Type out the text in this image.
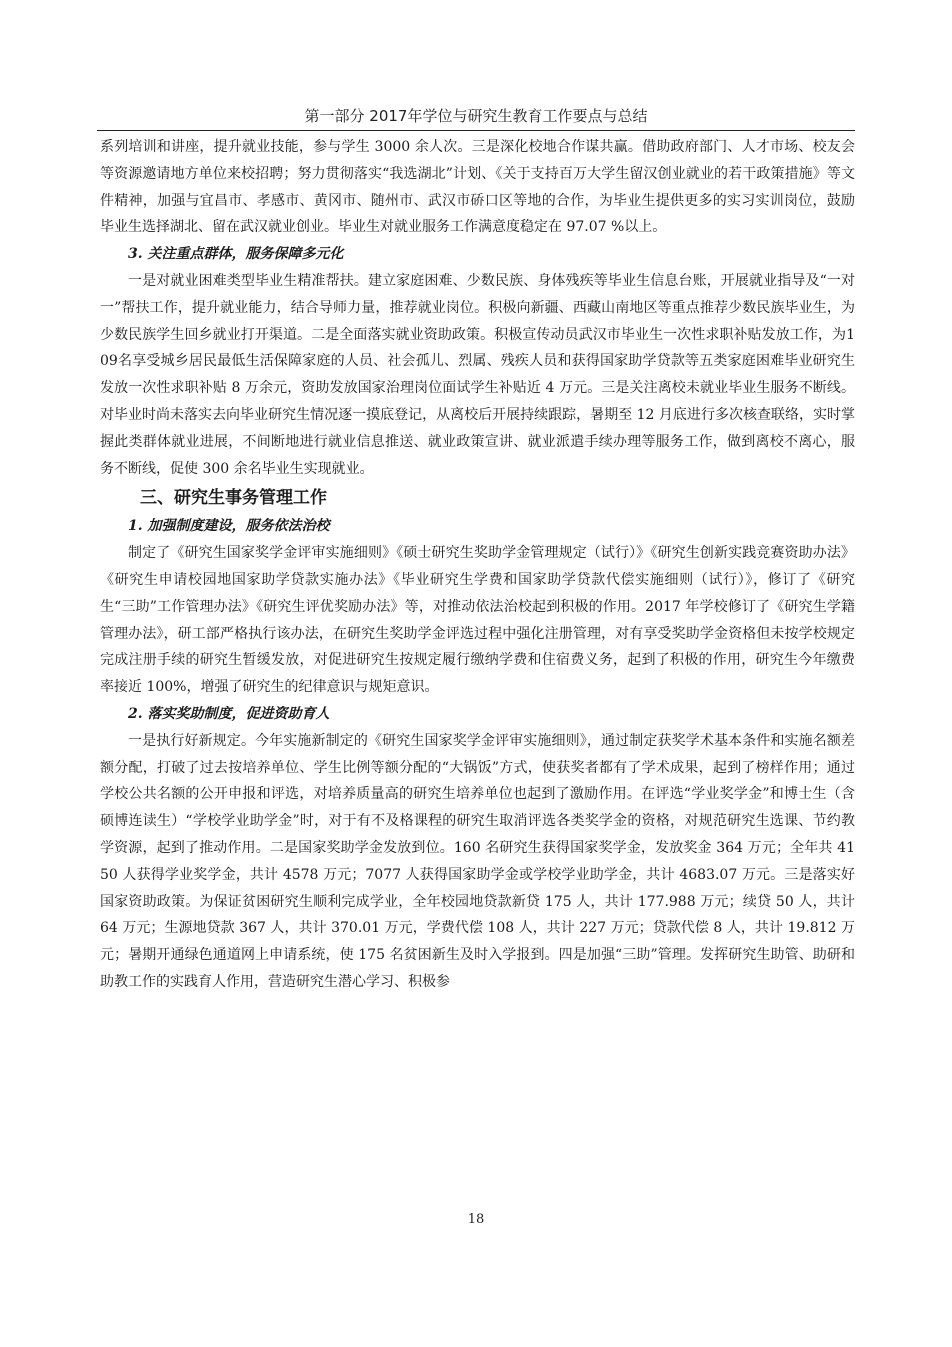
第一部分 2017年学位与研究生教育工作要点与总结

系列培训和讲座，提升就业技能，参与学生 3000 余人次。三是深化校地合作谋共赢。借助政府部门、人才市场、校友会等资源邀请地方单位来校招聘；努力贯彻落实“我选湖北”计划、《关于支持百万大学生留汉创业就业的若干政策措施》等文件精神，加强与宜昌市、孝感市、黄冈市、随州市、武汉市硚口区等地的合作，为毕业生提供更多的实习实训岗位，鼓励毕业生选择湖北、留在武汉就业创业。毕业生对就业服务工作满意度稳定在 97.07 %以上。

3. 关注重点群体，服务保障多元化

一是对就业困难类型毕业生精准帮扶。建立家庭困难、少数民族、身体残疾等毕业生信息台账，开展就业指导及“一对一”帮扶工作，提升就业能力，结合导师力量，推荐就业岗位。积极向新疆、西藏山南地区等重点推荐少数民族毕业生，为少数民族学生回乡就业打开渠道。二是全面落实就业资助政策。积极宣传动员武汉市毕业生一次性求职补贴发放工作，为109名享受城乡居民最低生活保障家庭的人员、社会孤儿、烈属、残疾人员和获得国家助学贷款等五类家庭困难毕业研究生发放一次性求职补贴 8 万余元，资助发放国家治理岗位面试学生补贴近 4 万元。三是关注离校未就业毕业生服务不断线。对毕业时尚未落实去向毕业研究生情况逐一摸底登记，从离校后开展持续跟踪，暑期至 12 月底进行多次核查联络，实时掌握此类群体就业进展，不间断地进行就业信息推送、就业政策宣讲、就业派遣手续办理等服务工作，做到离校不离心，服务不断线，促使 300 余名毕业生实现就业。

三、研究生事务管理工作

1. 加强制度建设，服务依法治校

制定了《研究生国家奖学金评审实施细则》《硕士研究生奖助学金管理规定（试行）》《研究生创新实践竞赛资助办法》《研究生申请校园地国家助学贷款实施办法》《毕业研究生学费和国家助学贷款代偿实施细则（试行）》，修订了《研究生“三助”工作管理办法》《研究生评优奖励办法》等，对推动依法治校起到积极的作用。2017 年学校修订了《研究生学籍管理办法》，研工部严格执行该办法，在研究生奖助学金评选过程中强化注册管理，对有享受奖助学金资格但未按学校规定完成注册手续的研究生暂缓发放，对促进研究生按规定履行缴纳学费和住宿费义务，起到了积极的作用，研究生今年缴费率接近 100%，增强了研究生的纪律意识与规矩意识。

2. 落实奖助制度，促进资助育人

一是执行好新规定。今年实施新制定的《研究生国家奖学金评审实施细则》，通过制定获奖学术基本条件和实施名额差额分配，打破了过去按培养单位、学生比例等额分配的“大锅饭”方式，使获奖者都有了学术成果，起到了榜样作用；通过学校公共名额的公开申报和评选，对培养质量高的研究生培养单位也起到了激励作用。在评选“学业奖学金”和博士生（含硕博连读生）“学校学业助学金”时，对于有不及格课程的研究生取消评选各类奖学金的资格，对规范研究生选课、节约教学资源，起到了推动作用。二是国家奖助学金发放到位。160 名研究生获得国家奖学金，发放奖金 364 万元；全年共 4150 人获得学业奖学金，共计 4578 万元；7077 人获得国家助学金或学校学业助学金，共计 4683.07 万元。三是落实好国家资助政策。为保证贫困研究生顺利完成学业，全年校园地贷款新贷 175 人，共计 177.988 万元；续贷 50 人，共计 64 万元；生源地贷款 367 人，共计 370.01 万元，学费代偿 108 人，共计 227 万元；贷款代偿 8 人，共计 19.812 万元；暑期开通绿色通道网上申请系统，使 175 名贫困新生及时入学报到。四是加强“三助”管理。发挥研究生助管、助研和助教工作的实践育人作用，营造研究生潜心学习、积极参

18
